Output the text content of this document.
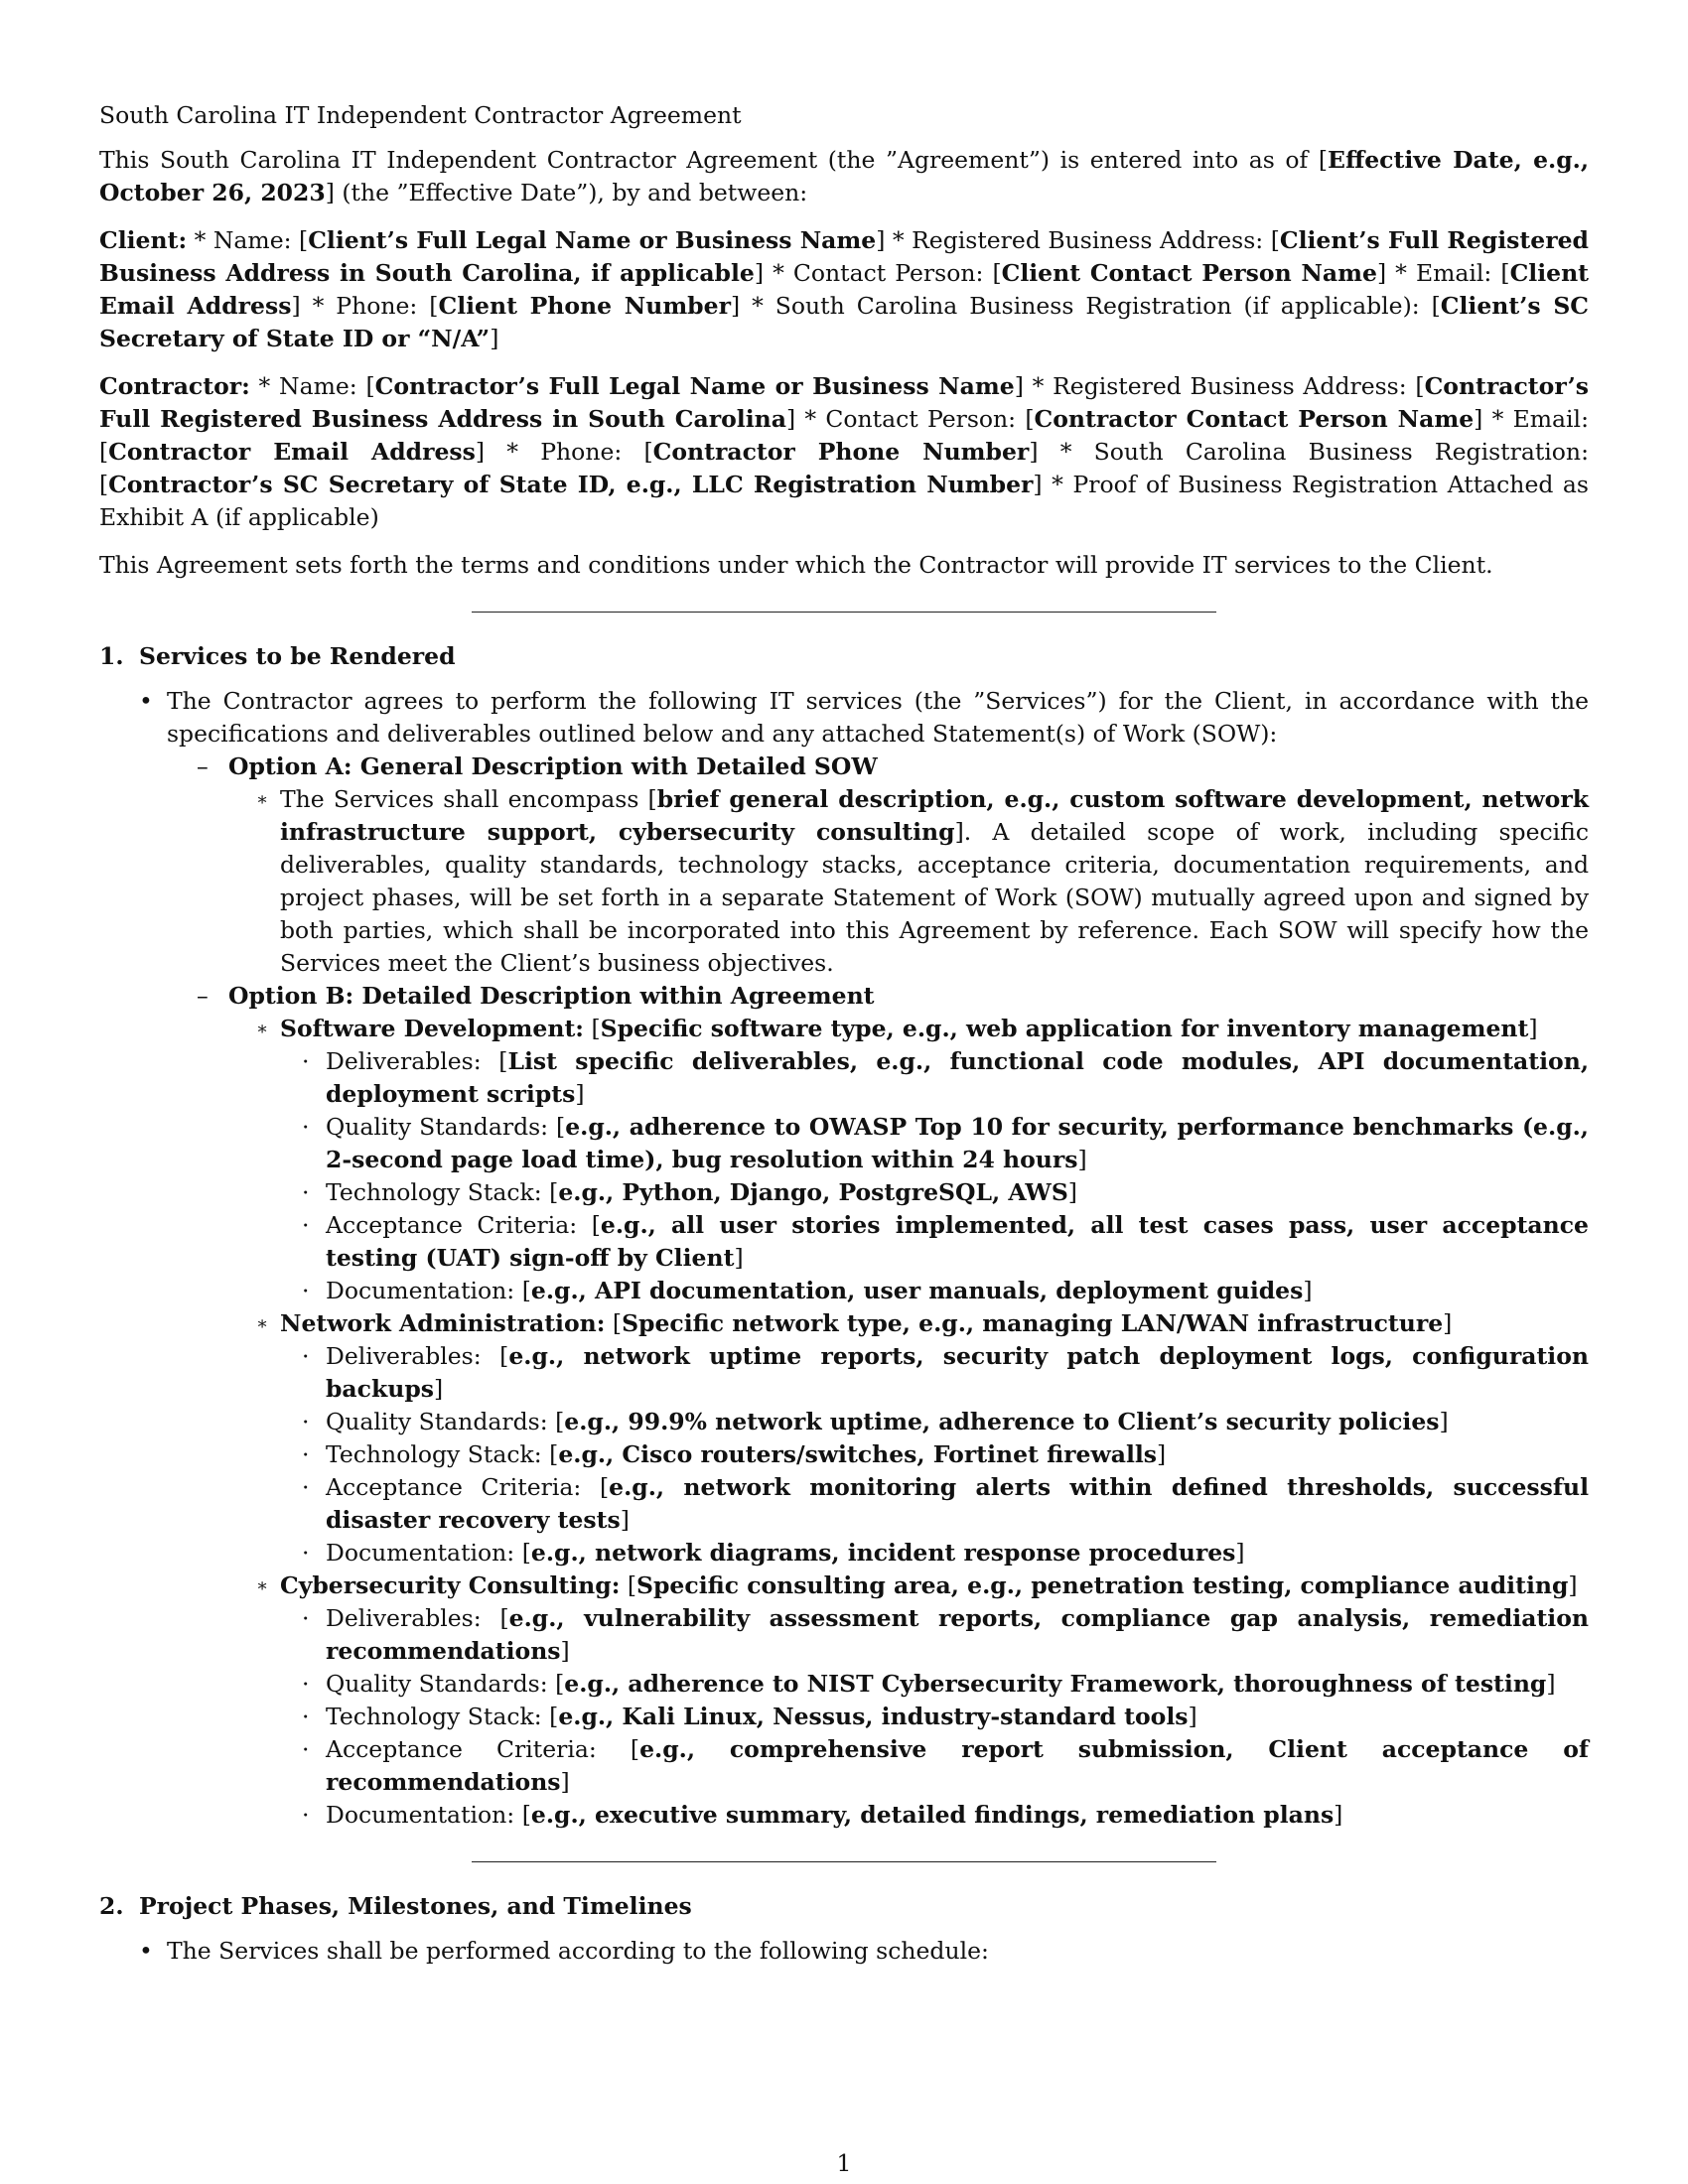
South Carolina IT Independent Contractor Agreement

This South Carolina IT Independent Contractor Agreement (the ”Agreement”) is entered into as of [Effective Date, e.g., October 26, 2023] (the ”Effective Date”), by and between:

Client: * Name: [Client’s Full Legal Name or Business Name] * Registered Business Address: [Client’s Full Registered Business Address in South Carolina, if applicable] * Contact Person: [Client Contact Person Name] * Email: [Client Email Address] * Phone: [Client Phone Number] * South Carolina Business Registration (if applicable): [Client’s SC Secretary of State ID or “N/A”]

Contractor: * Name: [Contractor’s Full Legal Name or Business Name] * Registered Business Address: [Contractor’s Full Registered Business Address in South Carolina] * Contact Person: [Contractor Contact Person Name] * Email: [Contractor Email Address] * Phone: [Contractor Phone Number] * South Carolina Business Registration: [Contractor’s SC Secretary of State ID, e.g., LLC Registration Number] * Proof of Business Registration Attached as Exhibit A (if applicable)

This Agreement sets forth the terms and conditions under which the Contractor will provide IT services to the Client.

1. Services to be Rendered
• The Contractor agrees to perform the following IT services (the ”Services”) for the Client, in accordance with the specifications and deliverables outlined below and any attached Statement(s) of Work (SOW):
– Option A: General Description with Detailed SOW
∗ The Services shall encompass [brief general description, e.g., custom software development, network infrastructure support, cybersecurity consulting]. A detailed scope of work, including specific deliverables, quality standards, technology stacks, acceptance criteria, documentation requirements, and project phases, will be set forth in a separate Statement of Work (SOW) mutually agreed upon and signed by both parties, which shall be incorporated into this Agreement by reference. Each SOW will specify how the Services meet the Client’s business objectives.
– Option B: Detailed Description within Agreement
∗ Software Development: [Specific software type, e.g., web application for inventory management]
· Deliverables: [List specific deliverables, e.g., functional code modules, API documentation, deployment scripts]
· Quality Standards: [e.g., adherence to OWASP Top 10 for security, performance benchmarks (e.g., 2-second page load time), bug resolution within 24 hours]
· Technology Stack: [e.g., Python, Django, PostgreSQL, AWS]
· Acceptance Criteria: [e.g., all user stories implemented, all test cases pass, user acceptance testing (UAT) sign-off by Client]
· Documentation: [e.g., API documentation, user manuals, deployment guides]
∗ Network Administration: [Specific network type, e.g., managing LAN/WAN infrastructure]
· Deliverables: [e.g., network uptime reports, security patch deployment logs, configuration backups]
· Quality Standards: [e.g., 99.9% network uptime, adherence to Client’s security policies]
· Technology Stack: [e.g., Cisco routers/switches, Fortinet firewalls]
· Acceptance Criteria: [e.g., network monitoring alerts within defined thresholds, successful disaster recovery tests]
· Documentation: [e.g., network diagrams, incident response procedures]
∗ Cybersecurity Consulting: [Specific consulting area, e.g., penetration testing, compliance auditing]
· Deliverables: [e.g., vulnerability assessment reports, compliance gap analysis, remediation recommendations]
· Quality Standards: [e.g., adherence to NIST Cybersecurity Framework, thoroughness of testing]
· Technology Stack: [e.g., Kali Linux, Nessus, industry-standard tools]
· Acceptance Criteria: [e.g., comprehensive report submission, Client acceptance of recommendations]
· Documentation: [e.g., executive summary, detailed findings, remediation plans]
2. Project Phases, Milestones, and Timelines
• The Services shall be performed according to the following schedule:
1
